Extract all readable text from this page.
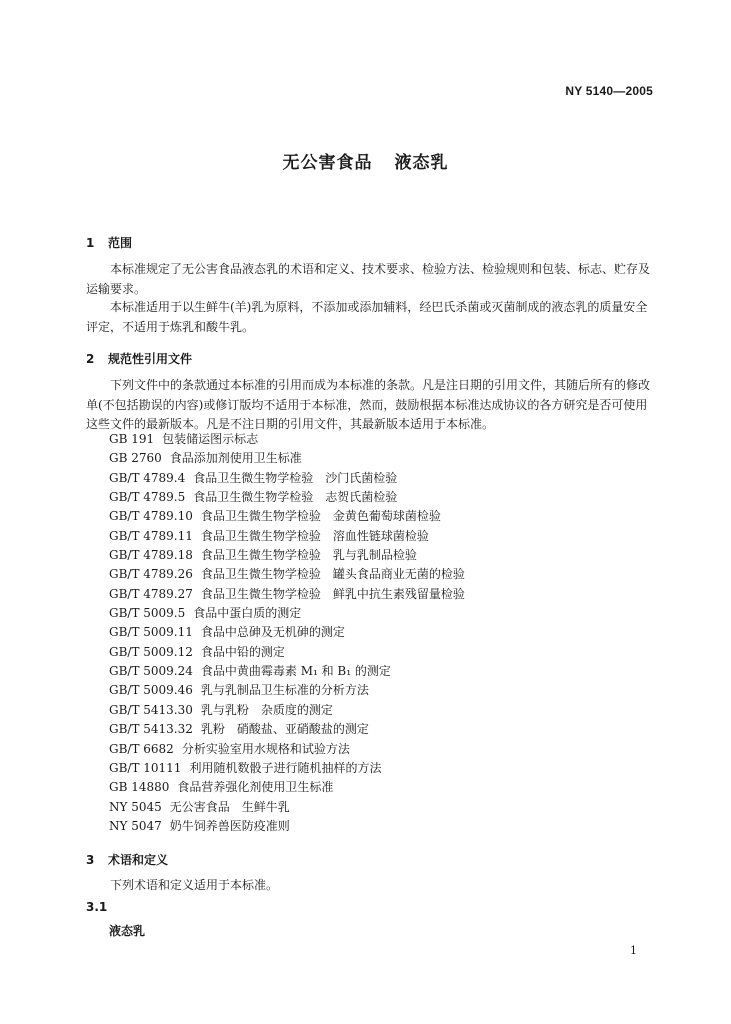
NY 5140—2005
无公害食品 液态乳
1 范围

本标准规定了无公害食品液态乳的术语和定义、技术要求、检验方法、检验规则和包装、标志、贮存及运输要求。

本标准适用于以生鲜牛(羊)乳为原料，不添加或添加辅料，经巴氏杀菌或灭菌制成的液态乳的质量安全评定，不适用于炼乳和酸牛乳。

2 规范性引用文件

下列文件中的条款通过本标准的引用而成为本标准的条款。凡是注日期的引用文件，其随后所有的修改单(不包括勘误的内容)或修订版均不适用于本标准，然而，鼓励根据本标准达成协议的各方研究是否可使用这些文件的最新版本。凡是不注日期的引用文件，其最新版本适用于本标准。

GB 191 包装储运图示标志
GB 2760 食品添加剂使用卫生标准
GB/T 4789.4 食品卫生微生物学检验　沙门氏菌检验
GB/T 4789.5 食品卫生微生物学检验　志贺氏菌检验
GB/T 4789.10 食品卫生微生物学检验　金黄色葡萄球菌检验
GB/T 4789.11 食品卫生微生物学检验　溶血性链球菌检验
GB/T 4789.18 食品卫生微生物学检验　乳与乳制品检验
GB/T 4789.26 食品卫生微生物学检验　罐头食品商业无菌的检验
GB/T 4789.27 食品卫生微生物学检验　鲜乳中抗生素残留量检验
GB/T 5009.5 食品中蛋白质的测定
GB/T 5009.11 食品中总砷及无机砷的测定
GB/T 5009.12 食品中铅的测定
GB/T 5009.24 食品中黄曲霉毒素 M₁ 和 B₁ 的测定
GB/T 5009.46 乳与乳制品卫生标准的分析方法
GB/T 5413.30 乳与乳粉　杂质度的测定
GB/T 5413.32 乳粉　硝酸盐、亚硝酸盐的测定
GB/T 6682 分析实验室用水规格和试验方法
GB/T 10111 利用随机数骰子进行随机抽样的方法
GB 14880 食品营养强化剂使用卫生标准
NY 5045 无公害食品　生鲜牛乳
NY 5047 奶牛饲养兽医防疫准则
3 术语和定义

下列术语和定义适用于本标准。

3.1
液态乳
1
